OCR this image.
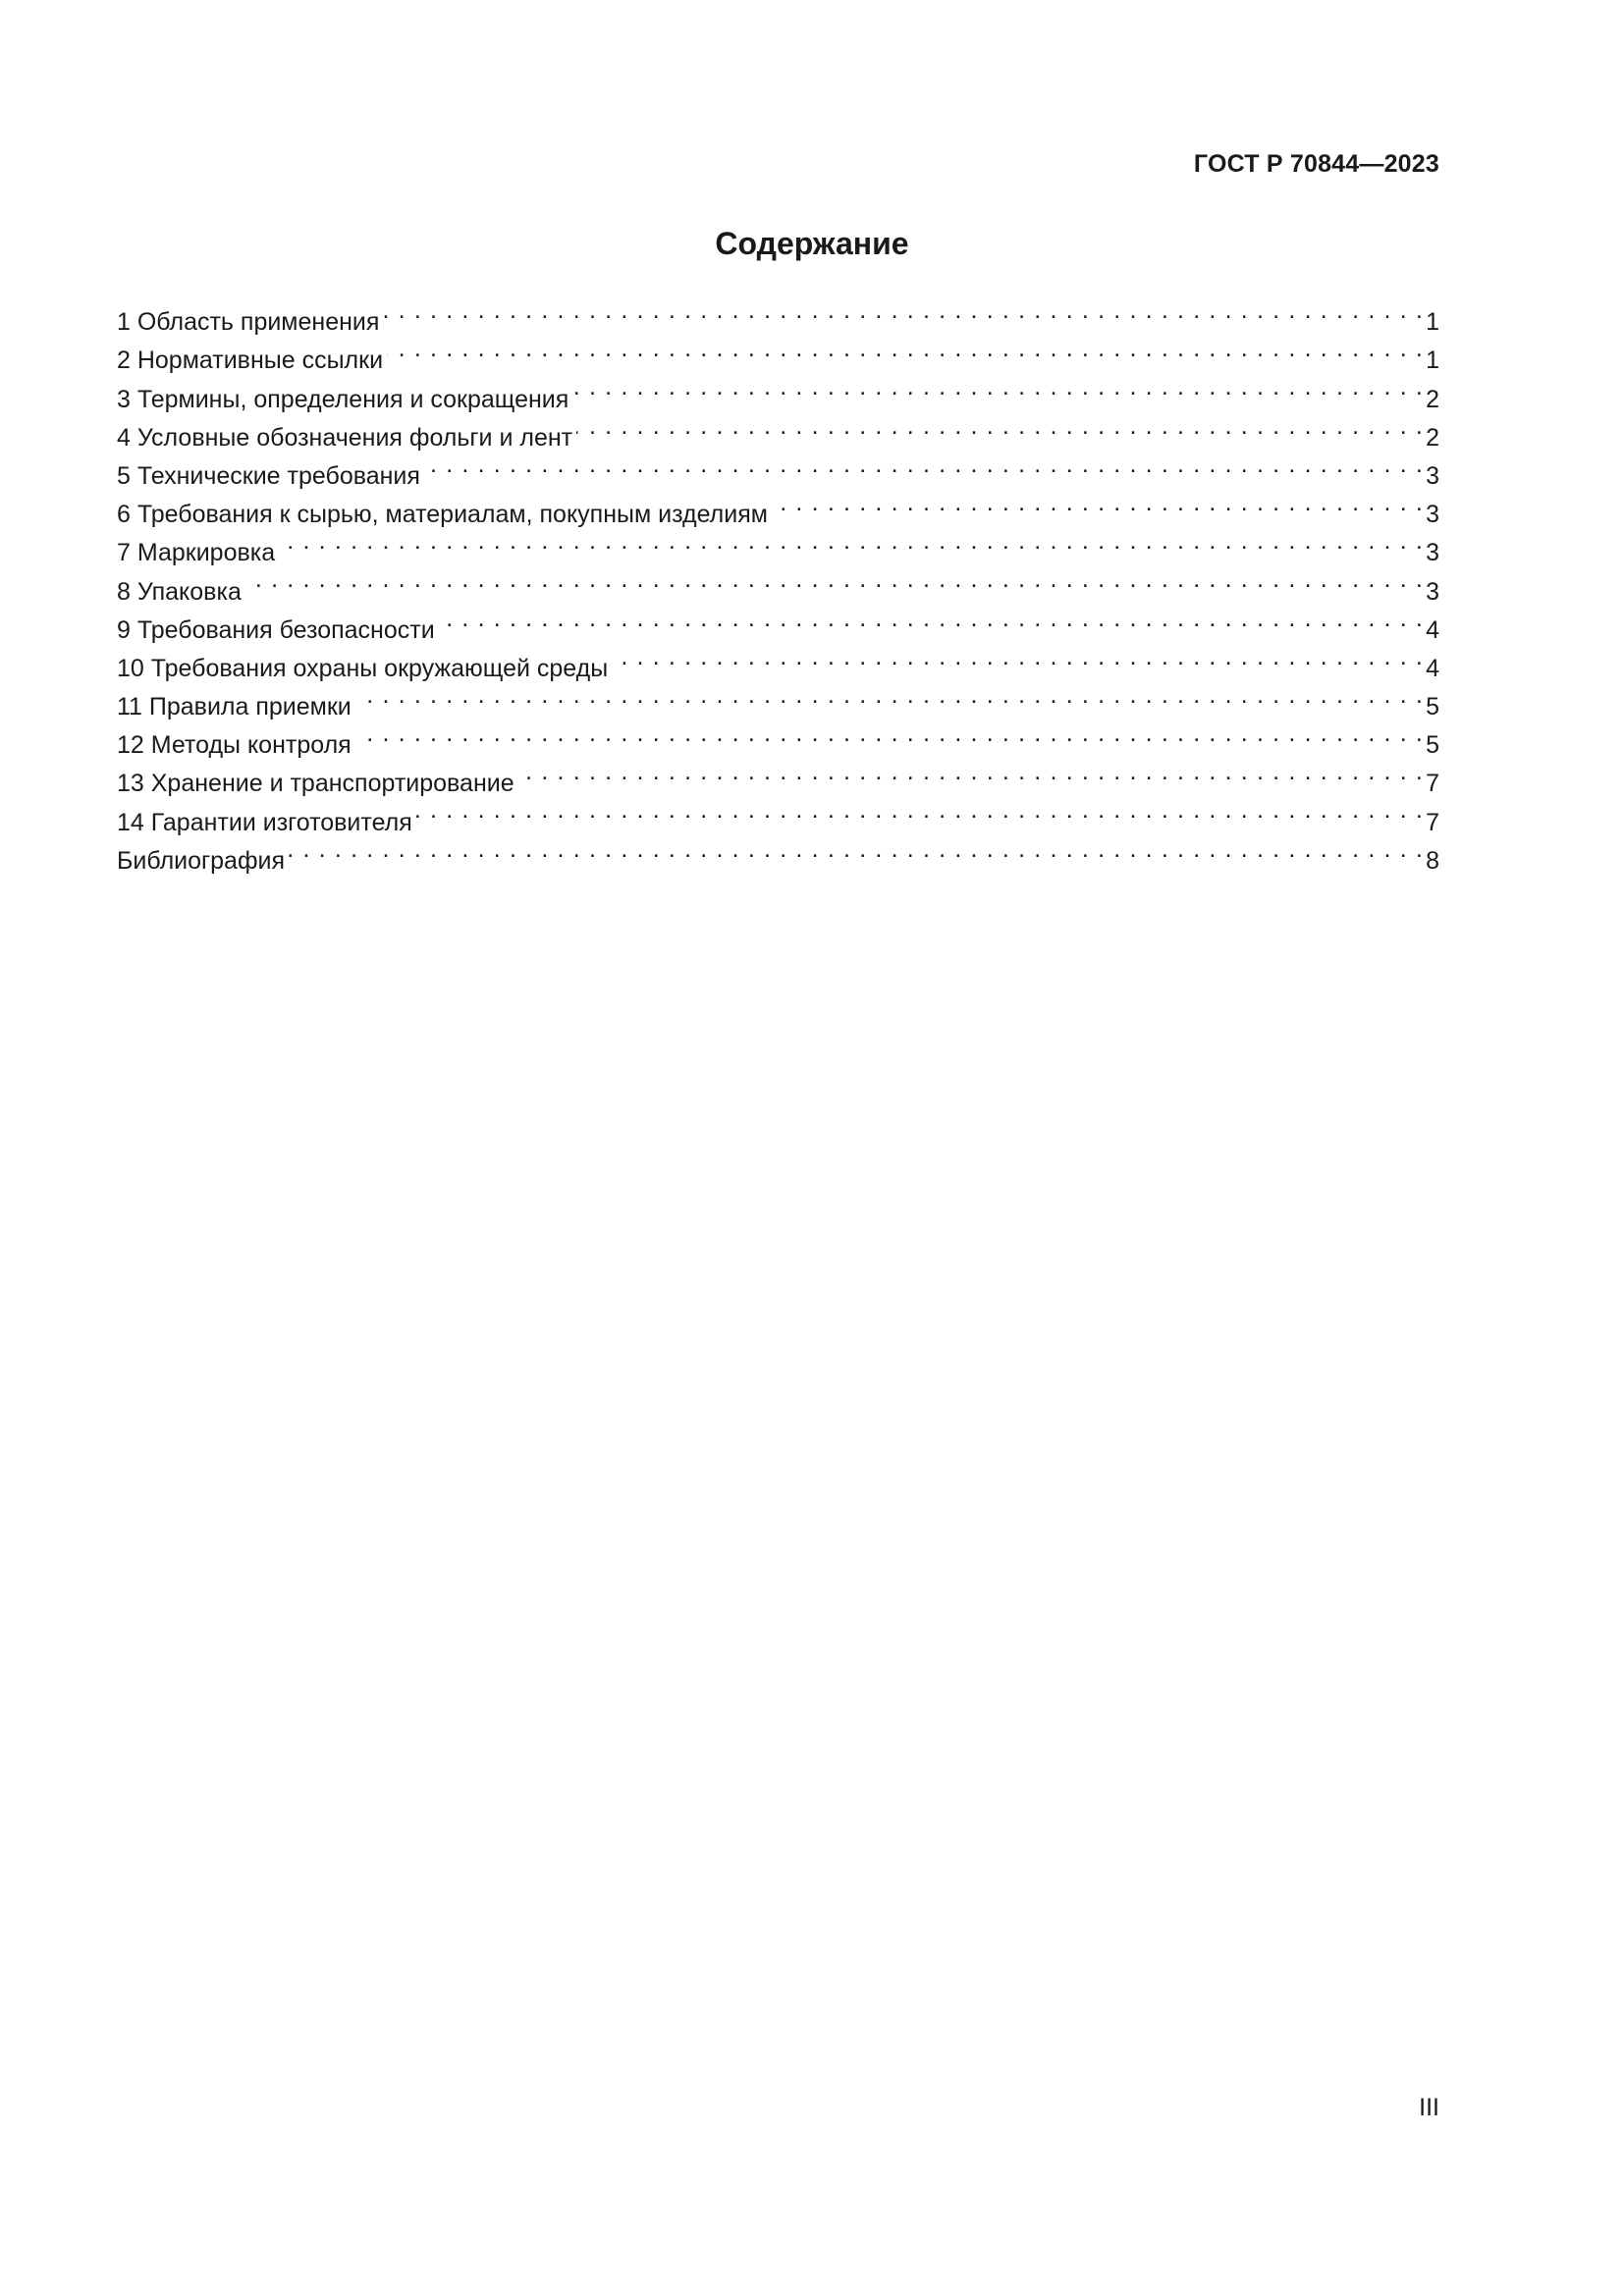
ГОСТ Р 70844—2023
Содержание
1 Область применения . . .	1
2 Нормативные ссылки . . .	1
3 Термины, определения и сокращения . . .	2
4 Условные обозначения фольги и лент . . .	2
5 Технические требования . . .	3
6 Требования к сырью, материалам, покупным изделиям . . .	3
7 Маркировка . . .	3
8 Упаковка . . .	3
9 Требования безопасности . . .	4
10 Требования охраны окружающей среды . . .	4
11 Правила приемки . . .	5
12 Методы контроля . . .	5
13 Хранение и транспортирование . . .	7
14 Гарантии изготовителя . . .	7
Библиография . . .	8
III
